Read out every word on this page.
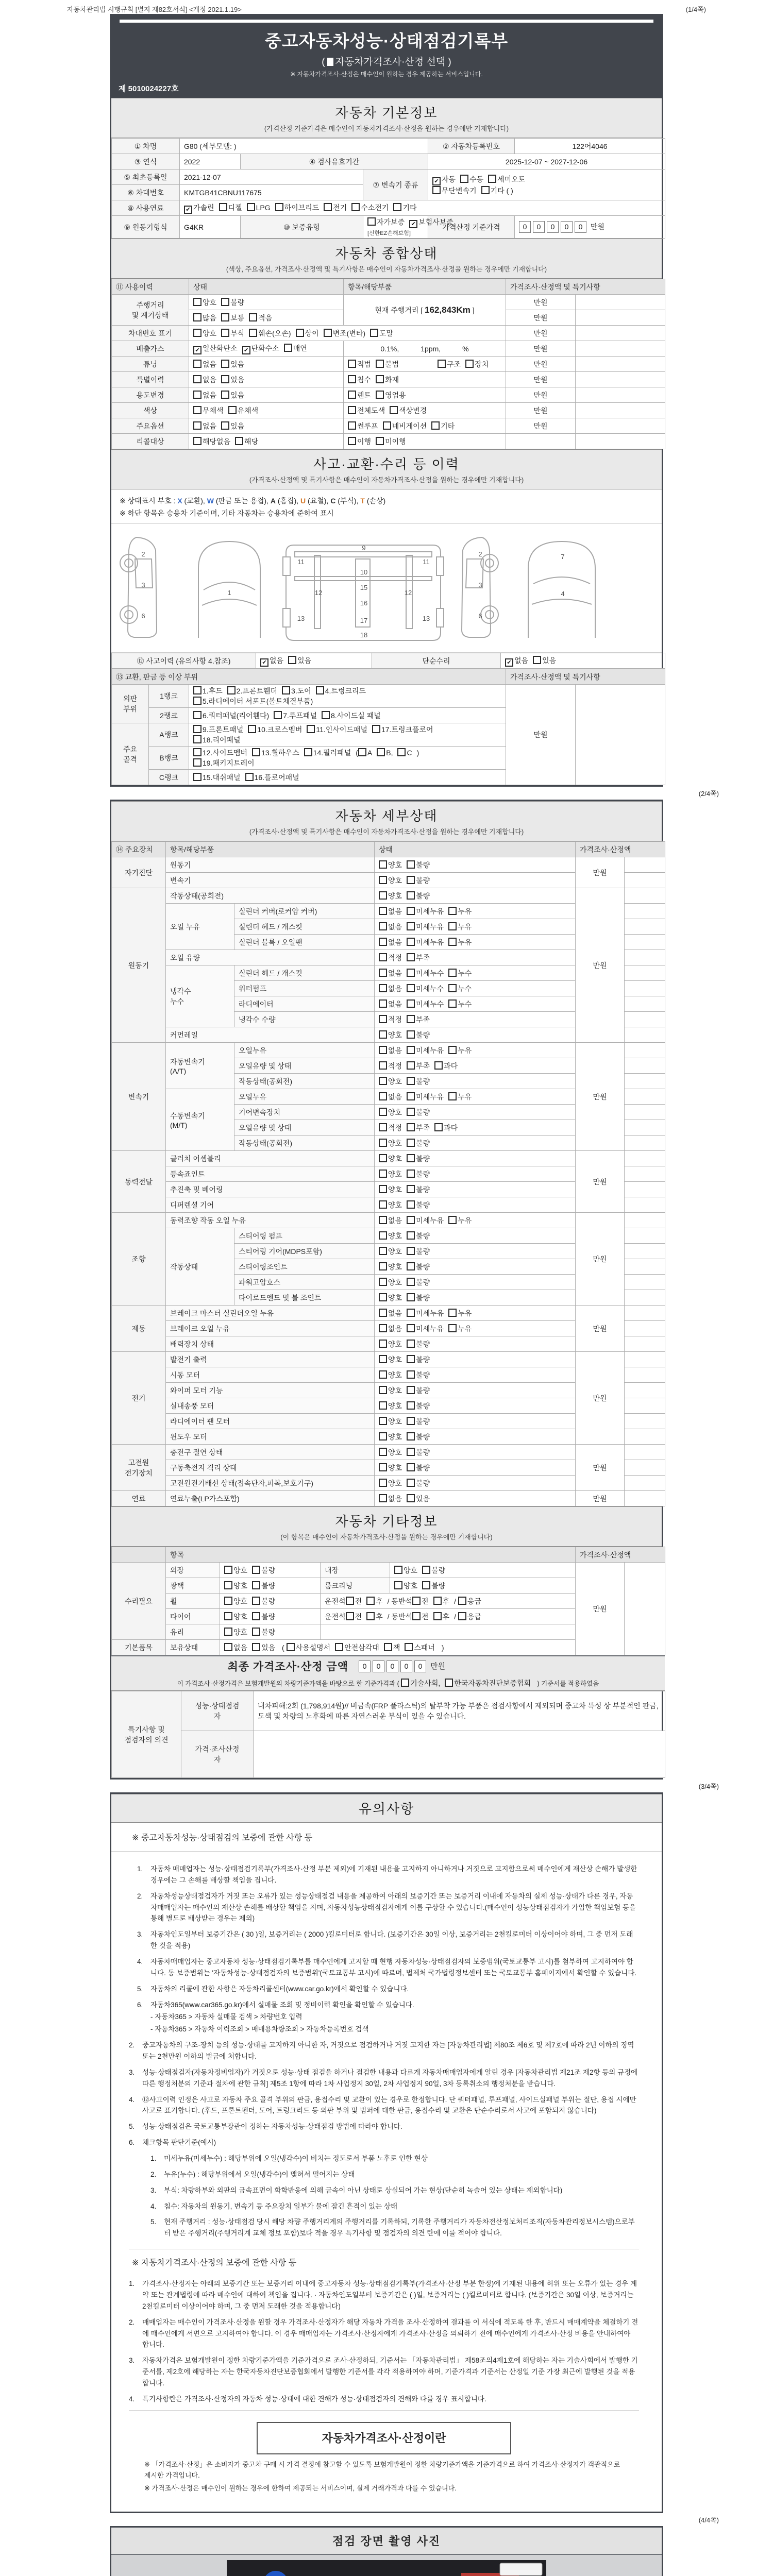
자동차관리법 시행규칙 [별지 제82호서식] <개정 2021.1.19>	(1/4쪽)
중고자동차성능·상태점검기록부
( 자동차가격조사·산정 선택 )
※ 자동차가격조사·산정은 매수인이 원하는 경우 제공하는 서비스입니다.
제 5010024227호
자동차 기본정보
(가격산정 기준가격은 매수인이 자동차가격조사·산정을 원하는 경우에만 기재합니다)
① 차명	G80 (세부모델: )			② 자동차등록번호	122어4046
③ 연식	2022	④ 검사유효기간		2025-12-07 ~ 2027-12-06	
⑤ 최초등록일	2021-12-07		⑦ 변속기 종류	✔ 자동 수동 세미오토
무단변속기 기타 ( )	

⑥ 차대번호	KMTGB41CBNU117675				
⑧ 사용연료	✔ 가솔린 디젤 LPG 하이브리드 전기 수소전기 기타				
⑨ 원동기형식	G4KR	⑩ 보증유형	자가보증 ✔ 보험사보증[신한EZ손해보험]	가격산정 기준가격	0 0 0 0 0 만원
자동차 종합상태
(색상, 주요옵션, 가격조사·산정액 및 특기사항은 매수인이 자동차가격조사·산정을 원하는 경우에만 기재합니다)
⑪ 사용이력	상태	항목/해당부품	가격조사·산정액 및 특기사항	
주행거리
및 계기상태	양호 불량	현재 주행거리 [ 162,843Km ]	만원	
	많음 보통 적음		만원	
차대번호 표기	양호 부식 훼손(오손) 상이 변조(변타) 도말		만원	
배출가스	✔ 일산화탄소 ✔ 탄화수소 매연	0.1%, 1ppm, %	만원	
튜닝	없음 있음	적법 불법 구조 장치	만원	
특별이력	없음 있음	침수 화재	만원	
용도변경	없음 있음	렌트 영업용	만원	
색상	무채색 유채색	전체도색 색상변경	만원	
주요옵션	없음 있음	썬루프 네비게이션 기타	만원	
리콜대상	해당없음 해당	이행 미이행		
사고·교환·수리 등 이력
(가격조사·산정액 및 특기사항은 매수인이 자동차가격조사·산정을 원하는 경우에만 기재합니다)
※ 상태표시 부호 : X (교환), W (판금 또는 용접), A (흠집), U (요철), C (부식), T (손상)
※ 하단 항목은 승용차 기준이며, 기타 자동차는 승용차에 준하여 표시
2
3
6
1
9
10
11	11
12	12
15
16
13	13
17
18
2
3
6
7
4
⑫ 사고이력 (유의사항 4.참조)	✔ 없음 있음	단순수리	✔ 없음 있음
⑬ 교환, 판금 등 이상 부위			가격조사·산정액 및 특기사항	
외판
부위	1랭크	
1.후드 2.프론트휀더 3.도어 4.트렁크리드
5.라디에이터 서포트(볼트체결부품)
	만원	
	2랭크	6.쿼터패널(리어휀다) 7.루프패널 8.사이드실 패널		
주요
골격	A랭크	
9.프론트패널 10.크로스멤버 11.인사이드패널 17.트렁크플로어
18.리어패널

	B랭크	12.사이드멤버 13.휠하우스 14.필러패널 ( A B, C )
19.패키지트레이		

	C랭크	15.대쉬패널 16.플로어패널		
(2/4쪽)
자동차 세부상태
(가격조사·산정액 및 특기사항은 매수인이 자동차가격조사·산정을 원하는 경우에만 기재합니다)
⑭ 주요장치	항목/해당부품		상태	가격조사·산정액	
자기진단	원동기		양호 불량	만원	
	변속기		양호 불량		
원동기	작동상태(공회전)		양호 불량	만원	
	오일 누유	실린더 커버(로커암 커버)	없음 미세누유 누유		
		실린더 헤드 / 개스킷	없음 미세누유 누유		
		실린더 블록 / 오일팬	없음 미세누유 누유		
	오일 유량		적정 부족		
	냉각수
누수	실린더 헤드 / 개스킷	없음 미세누수 누수		
		워터펌프	없음 미세누수 누수		
		라디에이터	없음 미세누수 누수		
		냉각수 수량	적정 부족		
	커먼레일		양호 불량		
변속기	자동변속기
(A/T)	오일누유	없음 미세누유 누유	만원	
		오일유량 및 상태	적정 부족 과다		
		작동상태(공회전)	양호 불량		
	수동변속기
(M/T)	오일누유	없음 미세누유 누유		
		기어변속장치	양호 불량		
		오일유량 및 상태	적정 부족 과다		
		작동상태(공회전)	양호 불량		
동력전달	클러치 어셈블리		양호 불량	만원	
	등속죠인트		양호 불량		
	추진축 및 베어링		양호 불량		
	디퍼렌셜 기어		양호 불량		
조향	동력조향 작동 오일 누유		없음 미세누유 누유	만원	
	작동상태	스티어링 펌프	양호 불량		
		스티어링 기어(MDPS포함)	양호 불량		
		스티어링조인트	양호 불량		
		파워고압호스	양호 불량		
		타이로드엔드 및 볼 조인트	양호 불량		
제동	브레이크 마스터 실린더오일 누유		없음 미세누유 누유	만원	
	브레이크 오일 누유		없음 미세누유 누유		
	배력장치 상태		양호 불량		
전기	발전기 출력		양호 불량	만원	
	시동 모터		양호 불량		
	와이퍼 모터 기능		양호 불량		
	실내송풍 모터		양호 불량		
	라디에이터 팬 모터		양호 불량		
	윈도우 모터		양호 불량		
고전원
전기장치	충전구 절연 상태		양호 불량	만원	
	구동축전지 격리 상태		양호 불량		
	고전원전기배선 상태(접속단자,피복,보호기구)		양호 불량		
연료	연료누출(LP가스포함)		없음 있음	만원	
자동차 기타정보
(이 항목은 매수인이 자동차가격조사·산정을 원하는 경우에만 기재합니다)
	항목				가격조사·산정액	
수리필요	외장	양호 불량	내장	양호 불량	만원	
	광택	양호 불량	룸크리닝	양호 불량		
	휠	양호 불량	운전석 전 후 / 동반석 전 후 / 응급			
	타이어	양호 불량	운전석 전 후 / 동반석 전 후 / 응급			
	유리	양호 불량				
기본품목	보유상태	없음 있음 ( 사용설명서 안전삼각대 잭 스패너 )				
최종 가격조사·산정 금액	0 0 0 0 0 만원
이 가격조사·산정가격은 보험개발원의 차량기준가액을 바탕으로 한 기준가격과 ( 기술사회, 한국자동차진단보증협회 ) 기준서를 적용하였음
특기사항 및
점검자의 의견	성능·상태점검
자	내차피해:2회 (1,798,914원)// 비금속(FRP 플라스틱)의 탈부착 가능 부품은 점검사항에서 제외되며 중고차 특성 상 부분적인 판금,도색 및 차량의 노후화에 따른 자연스러운 부식이 있을 수 있습니다.
	가격·조사산정
자	
(3/4쪽)
유의사항
※ 중고자동차성능·상태점검의 보증에 관한 사항 등
1.	자동차 매매업자는 성능·상태점검기록부(가격조사·산정 부분 제외)에 기재된 내용을 고지하지 아니하거나 거짓으로 고지함으로써 매수인에게 재산상 손해가 발생한 경우에는 그 손해를 배상할 책임을 집니다.
2.	자동차성능상태점검자가 거짓 또는 오류가 있는 성능상태점검 내용을 제공하여 아래의 보증기간 또는 보증거리 이내에 자동차의 실제 성능·상태가 다른 경우, 자동차매매업자는 매수인의 재산상 손해를 배상할 책임을 지며, 자동차성능상태점검자에게 이를 구상할 수 있습니다.(매수인이 성능상태점검자가 가입한 책임보험 등을 통해 별도로 배상받는 경우는 제외)
3.	자동차인도일부터 보증기간은 ( 30 )일, 보증거리는 ( 2000 )킬로미터로 합니다. (보증기간은 30일 이상, 보증거리는 2천킬로미터 이상이어야 하며, 그 중 먼저 도래한 것을 적용)
4.	자동차매매업자는 중고자동차 성능·상태점검기록부를 매수인에게 고지할 때 현행 자동차성능·상태점검자의 보증범위(국토교통부 고시)를 첨부하여 고지하여야 합니다. 동 보증범위는 '자동차성능·상태점검자의 보증범위'(국토교통부 고시)에 따르며, 법제처 국가법령정보센터 또는 국토교통부 홈페이지에서 확인할 수 있습니다.
5.	자동차의 리콜에 관한 사항은 자동차리콜센터(www.car.go.kr)에서 확인할 수 있습니다.
6.	자동차365(www.car365.go.kr)에서 실매물 조회 및 정비이력 확인을 확인할 수 있습니다.
- 자동차365 > 자동차 실매물 검색 > 차량번호 입력
- 자동차365 > 자동차 이력조회 > 매매용차량조회 > 자동차등록번호 검색
2.	중고자동차의 구조·장치 등의 성능·상태를 고지하지 아니한 자, 거짓으로 점검하거나 거짓 고지한 자는 [자동차관리법] 제80조 제6호 및 제7호에 따라 2년 이하의 징역 또는 2천만원 이하의 벌금에 처합니다.
3.	성능·상태점검자(자동차정비업자)가 거짓으로 성능·상태 점검을 하거나 점검한 내용과 다르게 자동차매매업자에게 알린 경우 [자동차관리법 제21조 제2항 등의 규정에 따른 행정처분의 기준과 절차에 관한 규칙] 제5조 1항에 따라 1차 사업정지 30일, 2차 사업정지 90일, 3차 등록취소의 행정처분을 받습니다.
4.	⑫사고이력 인정은 사고로 자동차 주요 골격 부위의 판금, 용접수리 및 교환이 있는 경우로 한정합니다. 단 쿼터패널, 루프패널, 사이드실패널 부위는 절단, 용접 시에만 사고로 표기합니다. (후드, 프론트펜더, 도어, 트렁크리드 등 외판 부위 및 범퍼에 대한 판금, 용접수리 및 교환은 단순수리로서 사고에 포함되지 않습니다)
5.	성능·상태점검은 국토교통부장관이 정하는 자동차성능·상태점검 방법에 따라야 합니다.
6.	체크항목 판단기준(예시)
1.	미세누유(미세누수) : 해당부위에 오일(냉각수)이 비치는 정도로서 부품 노후로 인한 현상
2.	누유(누수) : 해당부위에서 오일(냉각수)이 맺혀서 떨어지는 상태
3.	부식: 차량하부와 외판의 금속표면이 화학반응에 의해 금속이 아닌 상태로 상실되어 가는 현상(단순히 녹슬어 있는 상태는 제외합니다)
4.	침수: 자동차의 원동기, 변속기 등 주요장치 일부가 물에 잠긴 흔적이 있는 상태
5.	현재 주행거리 : 성능·상태점검 당시 해당 차량 주행거리계의 주행거리를 기록하되, 기록한 주행거리가 자동차전산정보처리조직(자동차관리정보시스템)으로부터 받은 주행거리(주행거리계 교체 정보 포함)보다 적을 경우 특기사항 및 점검자의 의견 란에 이를 적어야 합니다.
※ 자동차가격조사·산정의 보증에 관한 사항 등
1.	가격조사·산정자는 아래의 보증기간 또는 보증거리 이내에 중고자동차 성능·상태점검기록부(가격조사·산정 부분 한정)에 기재된 내용에 허위 또는 오류가 있는 경우 계약 또는 관계법령에 따라 매수인에 대하여 책임을 집니다. · 자동차인도일부터 보증기간은 ( )일, 보증거리는 ( )킬로미터로 합니다. (보증기간은 30일 이상, 보증거리는 2천킬로미터 이상이어야 하며, 그 중 먼저 도래한 것을 적용합니다)
2.	매매업자는 매수인이 가격조사·산정을 원할 경우 가격조사·산정자가 해당 자동차 가격을 조사·산정하여 결과를 이 서식에 적도록 한 후, 반드시 매매계약을 체결하기 전에 매수인에게 서면으로 고지하여야 합니다. 이 경우 매매업자는 가격조사·산정자에게 가격조사·산정을 의뢰하기 전에 매수인에게 가격조사·산정 비용을 안내하여야 합니다.
3.	자동차가격은 보험개발원이 정한 차량기준가액을 기준가격으로 조사·산정하되, 기준서는 「자동차관리법」 제58조의4제1호에 해당하는 자는 기술사회에서 발행한 기준서를, 제2호에 해당하는 자는 한국자동차진단보증협회에서 발행한 기준서를 각각 적용하여야 하며, 기준가격과 기준서는 산정일 기준 가장 최근에 발행된 것을 적용합니다.
4.	특기사항란은 가격조사·산정자의 자동차 성능·상태에 대한 견해가 성능·상태점검자의 견해와 다를 경우 표시합니다.
자동차가격조사·산정이란
※ 「가격조사·산정」은 소비자가 중고차 구매 시 가격 결정에 참고할 수 있도록 보험개발원이 정한 차량기준가액을 기준가격으로 하여 가격조사·산정자가 객관적으로 제시한 가격입니다.
※ 가격조사·산정은 매수인이 원하는 경우에 한하여 제공되는 서비스이며, 실제 거래가격과 다를 수 있습니다.
(4/4쪽)
점검 장면 촬영 사진
